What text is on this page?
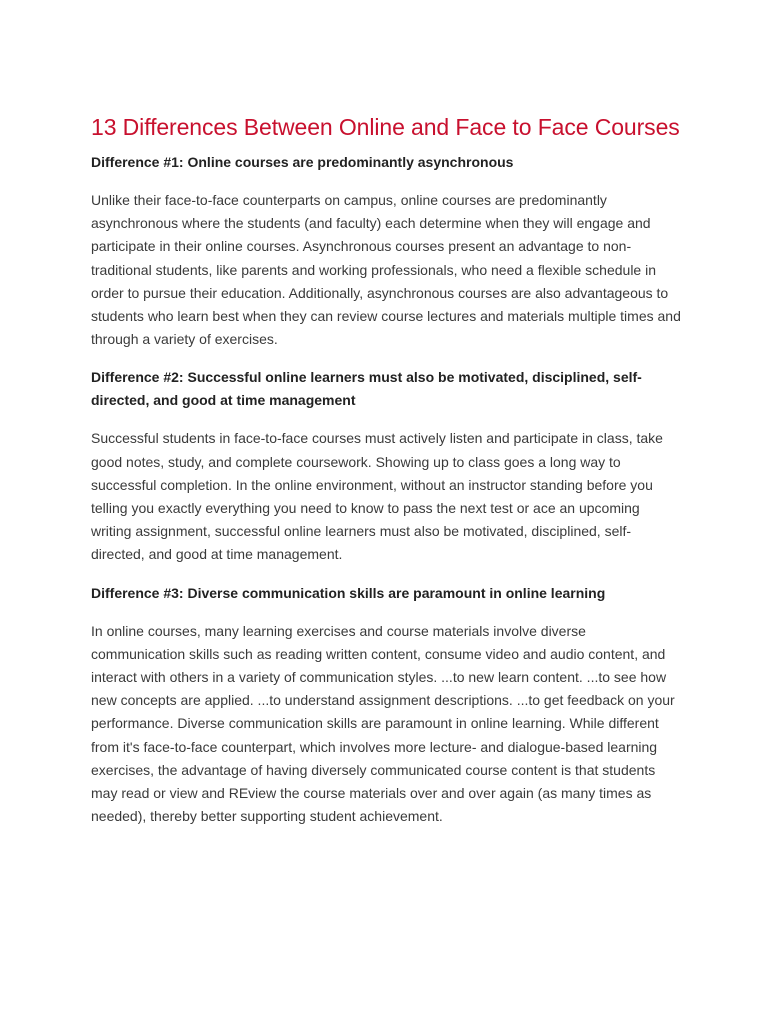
13 Differences Between Online and Face to Face Courses
Difference #1: Online courses are predominantly asynchronous

Unlike their face-to-face counterparts on campus, online courses are predominantly asynchronous where the students (and faculty) each determine when they will engage and participate in their online courses. Asynchronous courses present an advantage to non-traditional students, like parents and working professionals, who need a flexible schedule in order to pursue their education. Additionally, asynchronous courses are also advantageous to students who learn best when they can review course lectures and materials multiple times and through a variety of exercises.

Difference #2: Successful online learners must also be motivated, disciplined, self-directed, and good at time management

Successful students in face-to-face courses must actively listen and participate in class, take good notes, study, and complete coursework. Showing up to class goes a long way to successful completion. In the online environment, without an instructor standing before you telling you exactly everything you need to know to pass the next test or ace an upcoming writing assignment, successful online learners must also be motivated, disciplined, self-directed, and good at time management.

Difference #3: Diverse communication skills are paramount in online learning

In online courses, many learning exercises and course materials involve diverse communication skills such as reading written content, consume video and audio content, and interact with others in a variety of communication styles. ...to new learn content. ...to see how new concepts are applied. ...to understand assignment descriptions. ...to get feedback on your performance. Diverse communication skills are paramount in online learning. While different from it's face-to-face counterpart, which involves more lecture- and dialogue-based learning exercises, the advantage of having diversely communicated course content is that students may read or view and REview the course materials over and over again (as many times as needed), thereby better supporting student achievement.
